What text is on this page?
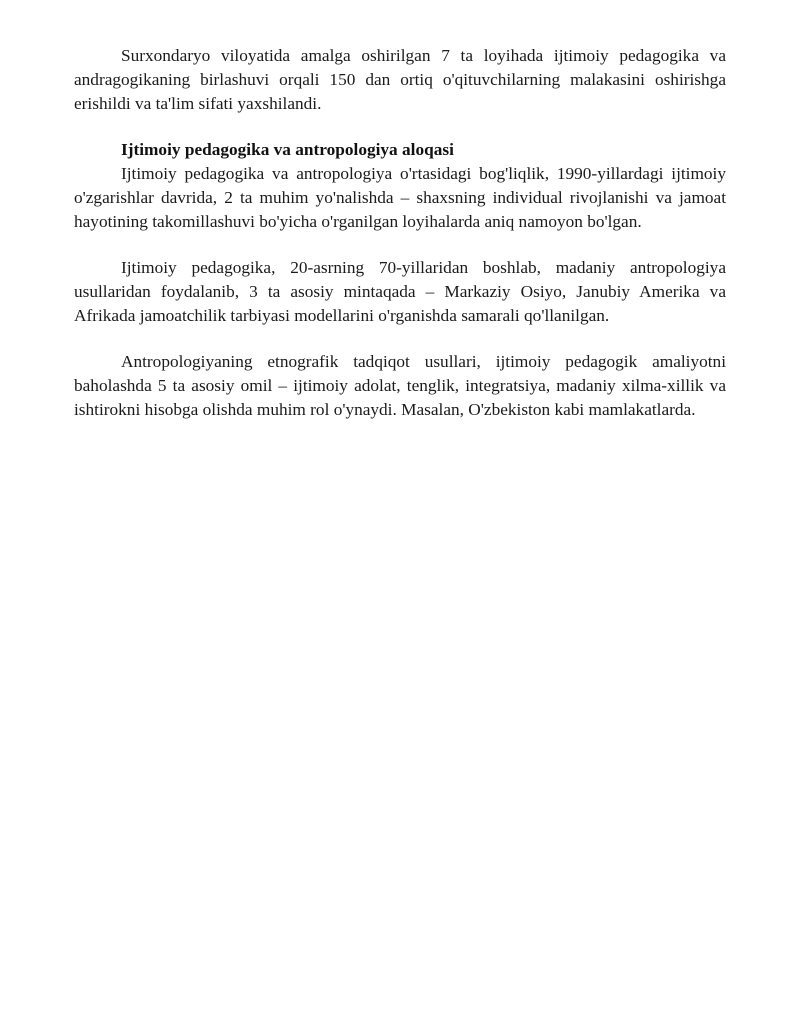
Surxondaryo viloyatida amalga oshirilgan 7 ta loyihada ijtimoiy pedagogika va andragogikaning birlashuvi orqali 150 dan ortiq o'qituvchilarning malakasini oshirishga erishildi va ta'lim sifati yaxshilandi.

Ijtimoiy pedagogika va antropologiya aloqasi

Ijtimoiy pedagogika va antropologiya o'rtasidagi bog'liqlik, 1990-yillardagi ijtimoiy o'zgarishlar davrida, 2 ta muhim yo'nalishda – shaxsning individual rivojlanishi va jamoat hayotining takomillashuvi bo'yicha o'rganilgan loyihalarda aniq namoyon bo'lgan.

Ijtimoiy pedagogika, 20-asrning 70-yillaridan boshlab, madaniy antropologiya usullaridan foydalanib, 3 ta asosiy mintaqada – Markaziy Osiyo, Janubiy Amerika va Afrikada jamoatchilik tarbiyasi modellarini o'rganishda samarali qo'llanilgan.

Antropologiyaning etnografik tadqiqot usullari, ijtimoiy pedagogik amaliyotni baholashda 5 ta asosiy omil – ijtimoiy adolat, tenglik, integratsiya, madaniy xilma-xillik va ishtirokni hisobga olishda muhim rol o'ynaydi. Masalan, O'zbekiston kabi mamlakatlarda.
